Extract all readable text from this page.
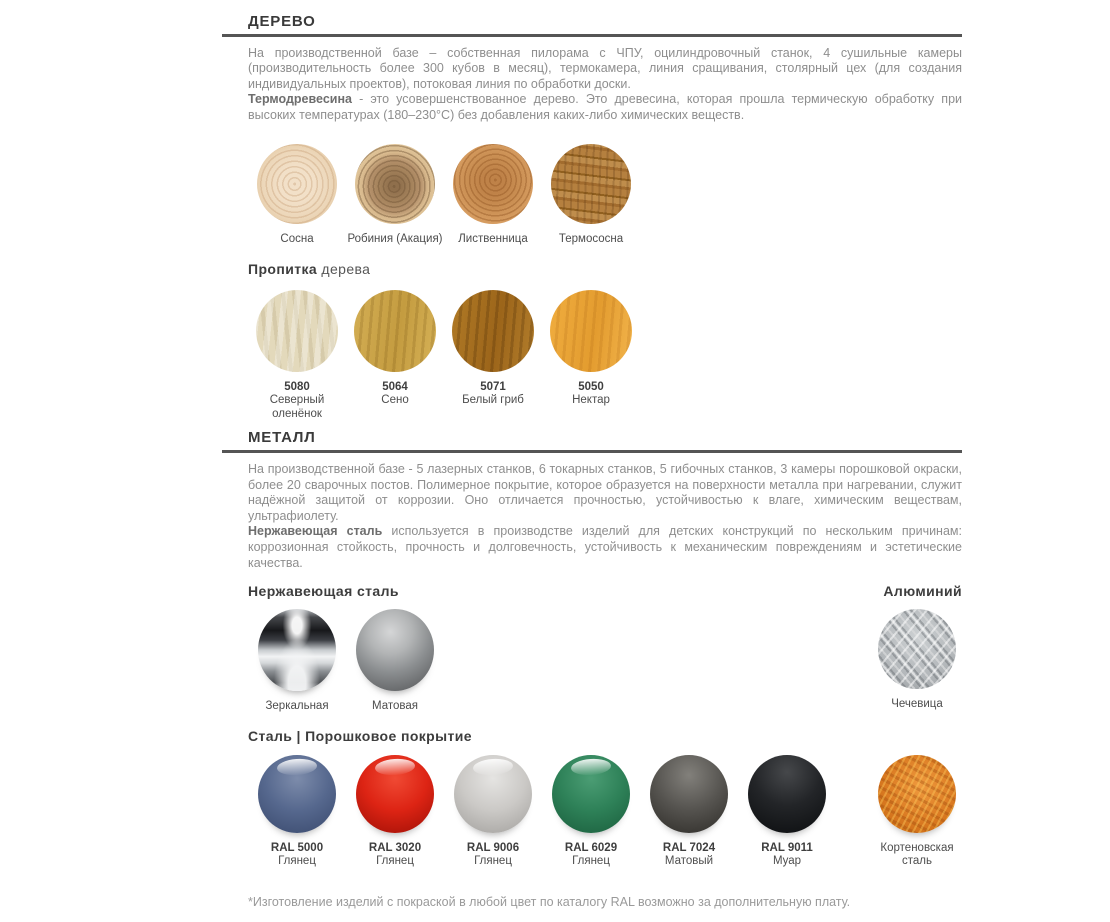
ДЕРЕВО

На производственной базе – собственная пилорама с ЧПУ, оцилиндровочный станок, 4 сушильные камеры (производительность более 300 кубов в месяц), термокамера, линия сращивания, столярный цех (для создания индивидуальных проектов), потоковая линия по обработки доски.

Термодревесина - это усовершенствованное дерево. Это древесина, которая прошла термическую обработку при высоких температурах (180–230°С) без добавления каких-либо химических веществ.

Сосна	Робиния (Акация)	Лиственница	Термососна
Пропитка дерева
5080
Северный оленёнок
5064
Сено
5071
Белый гриб
5050
Нектар
МЕТАЛЛ

На производственной базе - 5 лазерных станков, 6 токарных станков, 5 гибочных станков, 3 камеры порошковой окраски, более 20 сварочных постов. Полимерное покрытие, которое образуется на поверхности металла при нагревании, служит надёжной защитой от коррозии. Оно отличается прочностью, устойчивостью к влаге, химическим веществам, ультрафиолету.

Нержавеющая сталь используется в производстве изделий для детских конструкций по нескольким причинам: коррозионная стойкость, прочность и долговечность, устойчивость к механическим повреждениям и эстетические качества.

Нержавеющая сталь	Алюминий
Зеркальная	Матовая	Чечевица
Сталь | Порошковое покрытие
RAL 5000
Глянец
RAL 3020
Глянец
RAL 9006
Глянец
RAL 6029
Глянец
RAL 7024
Матовый
RAL 9011
Муар
Кортеновская сталь

*Изготовление изделий с покраской в любой цвет по каталогу RAL возможно за дополнительную плату.
